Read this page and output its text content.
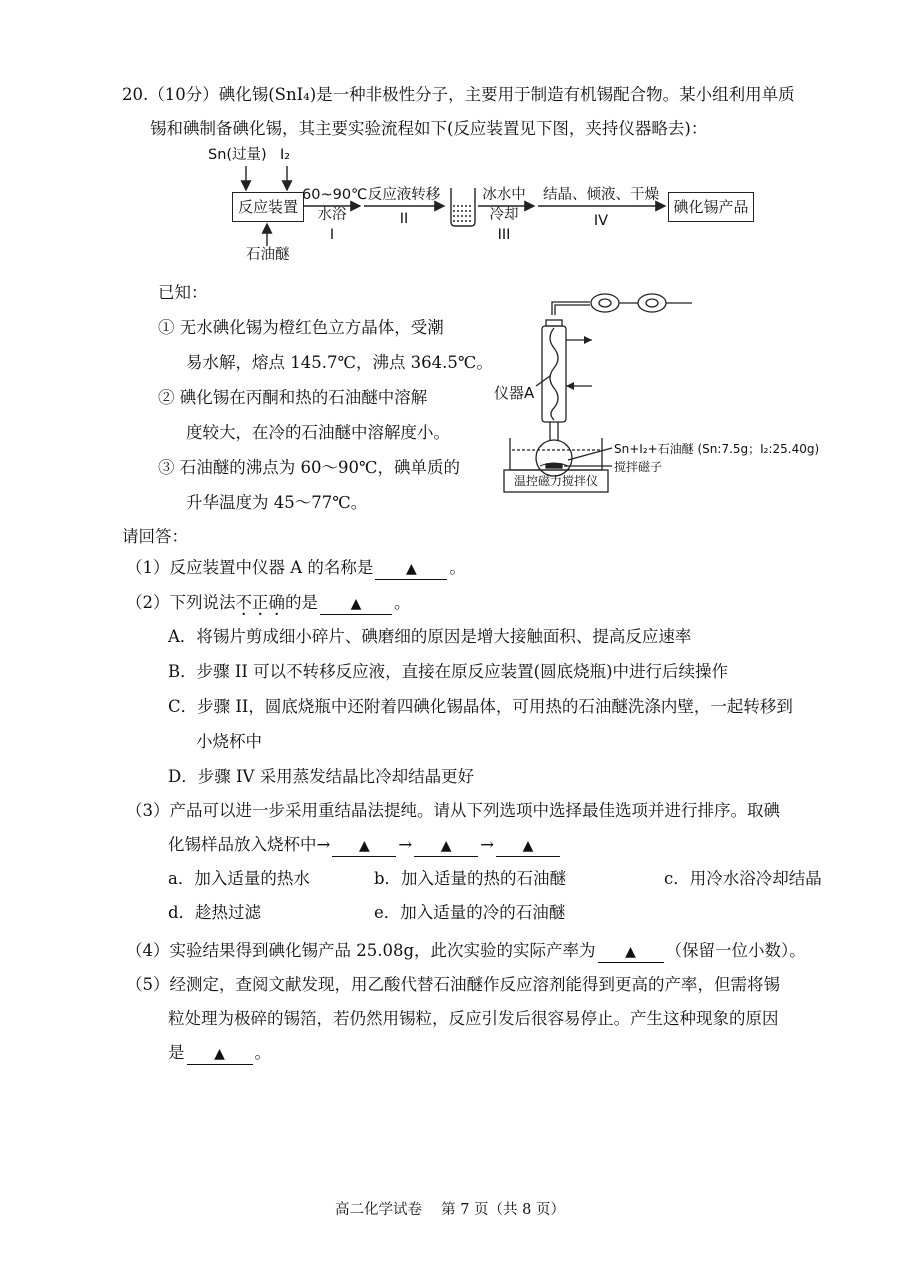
20.（10分）碘化锡(SnI₄)是一种非极性分子，主要用于制造有机锡配合物。某小组利用单质
锡和碘制备碘化锡，其主要实验流程如下(反应装置见下图，夹持仪器略去)：
Sn(过量) I₂
反应装置
石油醚
60~90℃
水浴
I
反应液转移
II
冰水中
冷却
III
结晶、倾液、干燥
IV
碘化锡产品
已知：
① 无水碘化锡为橙红色立方晶体，受潮
易水解，熔点 145.7℃，沸点 364.5℃。
② 碘化锡在丙酮和热的石油醚中溶解
度较大，在冷的石油醚中溶解度小。
③ 石油醚的沸点为 60～90℃，碘单质的
升华温度为 45～77℃。
仪器A
Sn+I₂+石油醚 (Sn:7.5g；I₂:25.40g)
搅拌磁子
温控磁力搅拌仪
请回答：
（1）反应装置中仪器 A 的名称是 ▲ 。
（2）下列说法不正确的是 ▲ 。
A．将锡片剪成细小碎片、碘磨细的原因是增大接触面积、提高反应速率
B．步骤 II 可以不转移反应液，直接在原反应装置(圆底烧瓶)中进行后续操作
C．步骤 II，圆底烧瓶中还附着四碘化锡晶体，可用热的石油醚洗涤内壁，一起转移到
小烧杯中
D．步骤 IV 采用蒸发结晶比冷却结晶更好
（3）产品可以进一步采用重结晶法提纯。请从下列选项中选择最佳选项并进行排序。取碘
化锡样品放入烧杯中→ ▲ → ▲ → ▲
a．加入适量的热水	b．加入适量的热的石油醚	c．用冷水浴冷却结晶
d．趁热过滤	e．加入适量的冷的石油醚
（4）实验结果得到碘化锡产品 25.08g，此次实验的实际产率为 ▲ （保留一位小数）。
（5）经测定，查阅文献发现，用乙酸代替石油醚作反应溶剂能得到更高的产率，但需将锡
粒处理为极碎的锡箔，若仍然用锡粒，反应引发后很容易停止。产生这种现象的原因
是 ▲ 。
高二化学试卷　 第 7 页（共 8 页）
